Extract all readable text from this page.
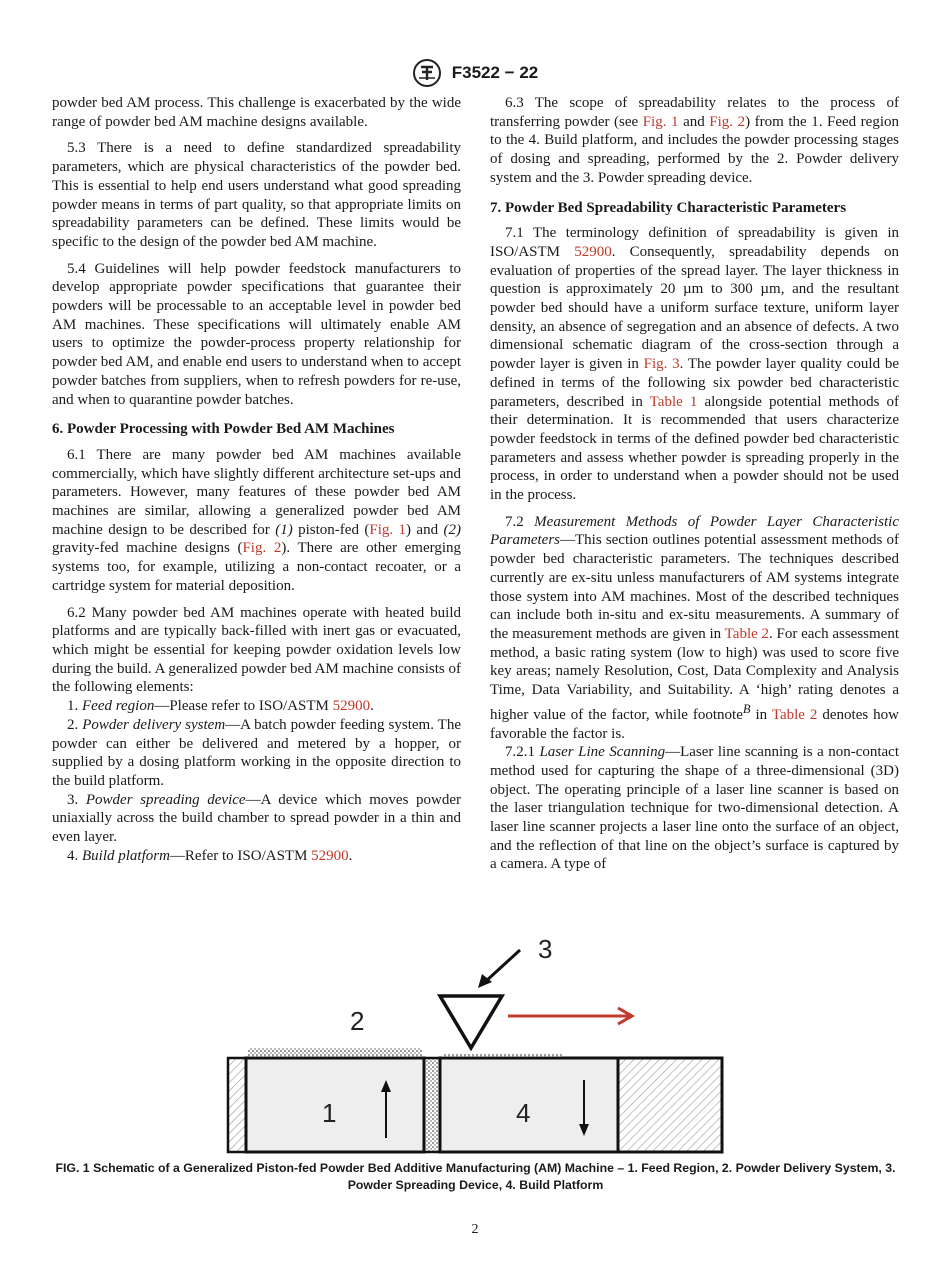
F3522 − 22

powder bed AM process. This challenge is exacerbated by the wide range of powder bed AM machine designs available.

5.3 There is a need to define standardized spreadability parameters, which are physical characteristics of the powder bed. This is essential to help end users understand what good spreading powder means in terms of part quality, so that appropriate limits on spreadability parameters can be defined. These limits would be specific to the design of the powder bed AM machine.

5.4 Guidelines will help powder feedstock manufacturers to develop appropriate powder specifications that guarantee their powders will be processable to an acceptable level in powder bed AM machines. These specifications will ultimately enable AM users to optimize the powder-process property relationship for powder bed AM, and enable end users to understand when to accept powder batches from suppliers, when to refresh powders for re-use, and when to quarantine powder batches.

6. Powder Processing with Powder Bed AM Machines

6.1 There are many powder bed AM machines available commercially, which have slightly different architecture set-ups and parameters. However, many features of these powder bed AM machines are similar, allowing a generalized powder bed AM machine design to be described for (1) piston-fed (Fig. 1) and (2) gravity-fed machine designs (Fig. 2). There are other emerging systems too, for example, utilizing a non-contact recoater, or a cartridge system for material deposition.

6.2 Many powder bed AM machines operate with heated build platforms and are typically back-filled with inert gas or evacuated, which might be essential for keeping powder oxidation levels low during the build. A generalized powder bed AM machine consists of the following elements:

1. Feed region—Please refer to ISO/ASTM 52900.

2. Powder delivery system—A batch powder feeding system. The powder can either be delivered and metered by a hopper, or supplied by a dosing platform working in the opposite direction to the build platform.

3. Powder spreading device—A device which moves powder uniaxially across the build chamber to spread powder in a thin and even layer.

4. Build platform—Refer to ISO/ASTM 52900.

6.3 The scope of spreadability relates to the process of transferring powder (see Fig. 1 and Fig. 2) from the 1. Feed region to the 4. Build platform, and includes the powder processing stages of dosing and spreading, performed by the 2. Powder delivery system and the 3. Powder spreading device.

7. Powder Bed Spreadability Characteristic Parameters

7.1 The terminology definition of spreadability is given in ISO/ASTM 52900. Consequently, spreadability depends on evaluation of properties of the spread layer. The layer thickness in question is approximately 20 µm to 300 µm, and the resultant powder bed should have a uniform surface texture, uniform layer density, an absence of segregation and an absence of defects. A two dimensional schematic diagram of the cross-section through a powder layer is given in Fig. 3. The powder layer quality could be defined in terms of the following six powder bed characteristic parameters, described in Table 1 alongside potential methods of their determination. It is recommended that users characterize powder feedstock in terms of the defined powder bed characteristic parameters and assess whether powder is spreading properly in the process, in order to understand when a powder should not be used in the process.

7.2 Measurement Methods of Powder Layer Characteristic Parameters—This section outlines potential assessment methods of powder bed characteristic parameters. The techniques described currently are ex-situ unless manufacturers of AM systems integrate those system into AM machines. Most of the described techniques can include both in-situ and ex-situ measurements. A summary of the measurement methods are given in Table 2. For each assessment method, a basic rating system (low to high) was used to score five key areas; namely Resolution, Cost, Data Complexity and Analysis Time, Data Variability, and Suitability. A ‘high’ rating denotes a higher value of the factor, while footnote$^B$ in Table 2 denotes how favorable the factor is.

7.2.1 Laser Line Scanning—Laser line scanning is a non-contact method used for capturing the shape of a three-dimensional (3D) object. The operating principle of a laser line scanner is based on the laser triangulation technique for two-dimensional detection. A laser line scanner projects a laser line onto the surface of an object, and the reflection of that line on the object’s surface is captured by a camera. A type of

1
2
3
4
FIG. 1 Schematic of a Generalized Piston-fed Powder Bed Additive Manufacturing (AM) Machine – 1. Feed Region, 2. Powder Delivery System, 3. Powder Spreading Device, 4. Build Platform
2
